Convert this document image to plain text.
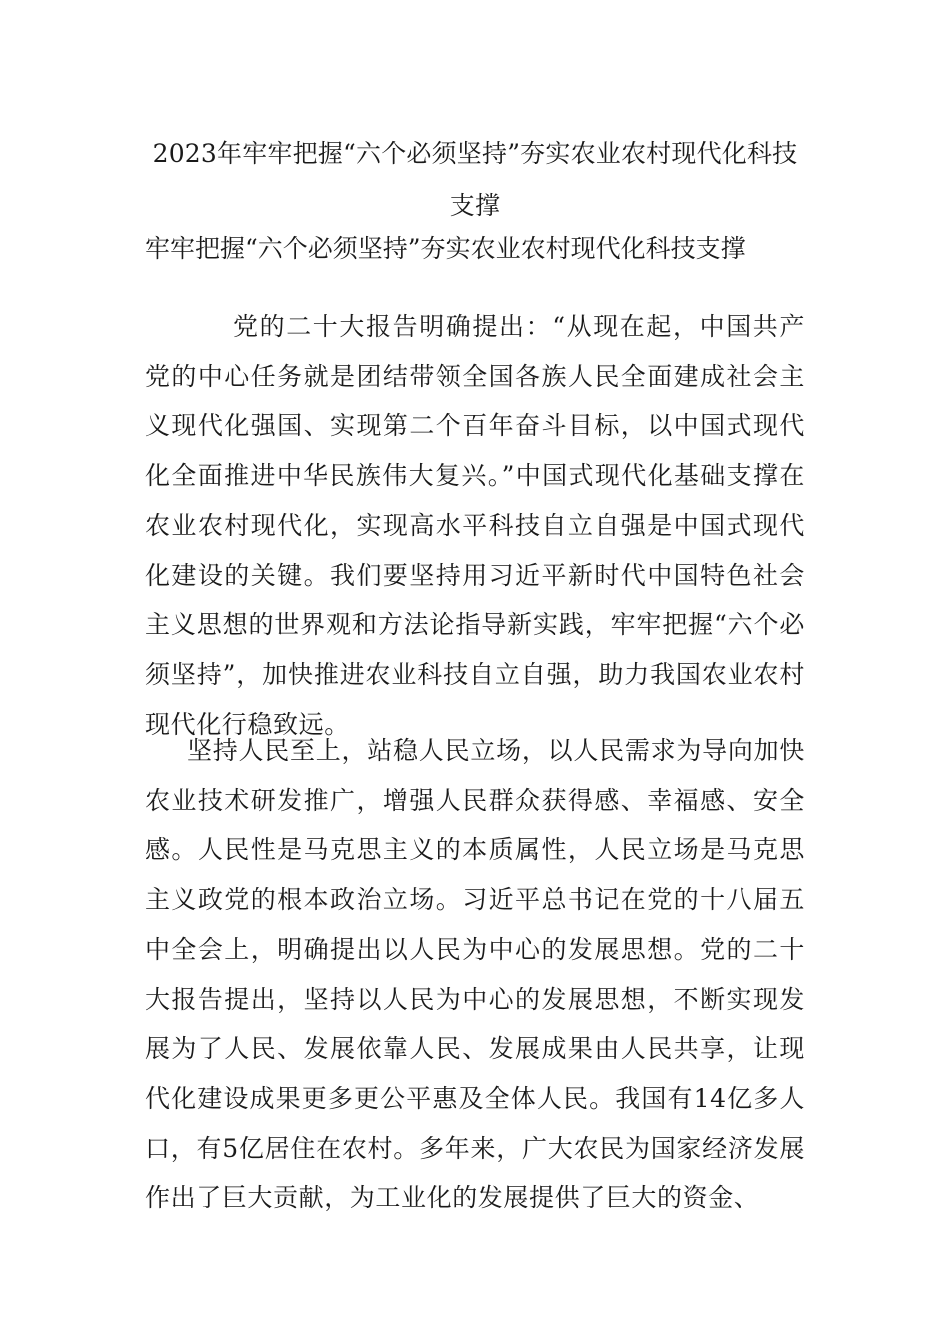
2023年牢牢把握“六个必须坚持”夯实农业农村现代化科技支撑

牢牢把握“六个必须坚持”夯实农业农村现代化科技支撑

党的二十大报告明确提出：“从现在起，中国共产党的中心任务就是团结带领全国各族人民全面建成社会主义现代化强国、实现第二个百年奋斗目标，以中国式现代化全面推进中华民族伟大复兴。”中国式现代化基础支撑在农业农村现代化，实现高水平科技自立自强是中国式现代化建设的关键。我们要坚持用习近平新时代中国特色社会主义思想的世界观和方法论指导新实践，牢牢把握“六个必须坚持”，加快推进农业科技自立自强，助力我国农业农村现代化行稳致远。

坚持人民至上，站稳人民立场，以人民需求为导向加快农业技术研发推广，增强人民群众获得感、幸福感、安全感。人民性是马克思主义的本质属性，人民立场是马克思主义政党的根本政治立场。习近平总书记在党的十八届五中全会上，明确提出以人民为中心的发展思想。党的二十大报告提出，坚持以人民为中心的发展思想，不断实现发展为了人民、发展依靠人民、发展成果由人民共享，让现代化建设成果更多更公平惠及全体人民。我国有14亿多人口，有5亿居住在农村。多年来，广大农民为国家经济发展作出了巨大贡献，为工业化的发展提供了巨大的资金、
